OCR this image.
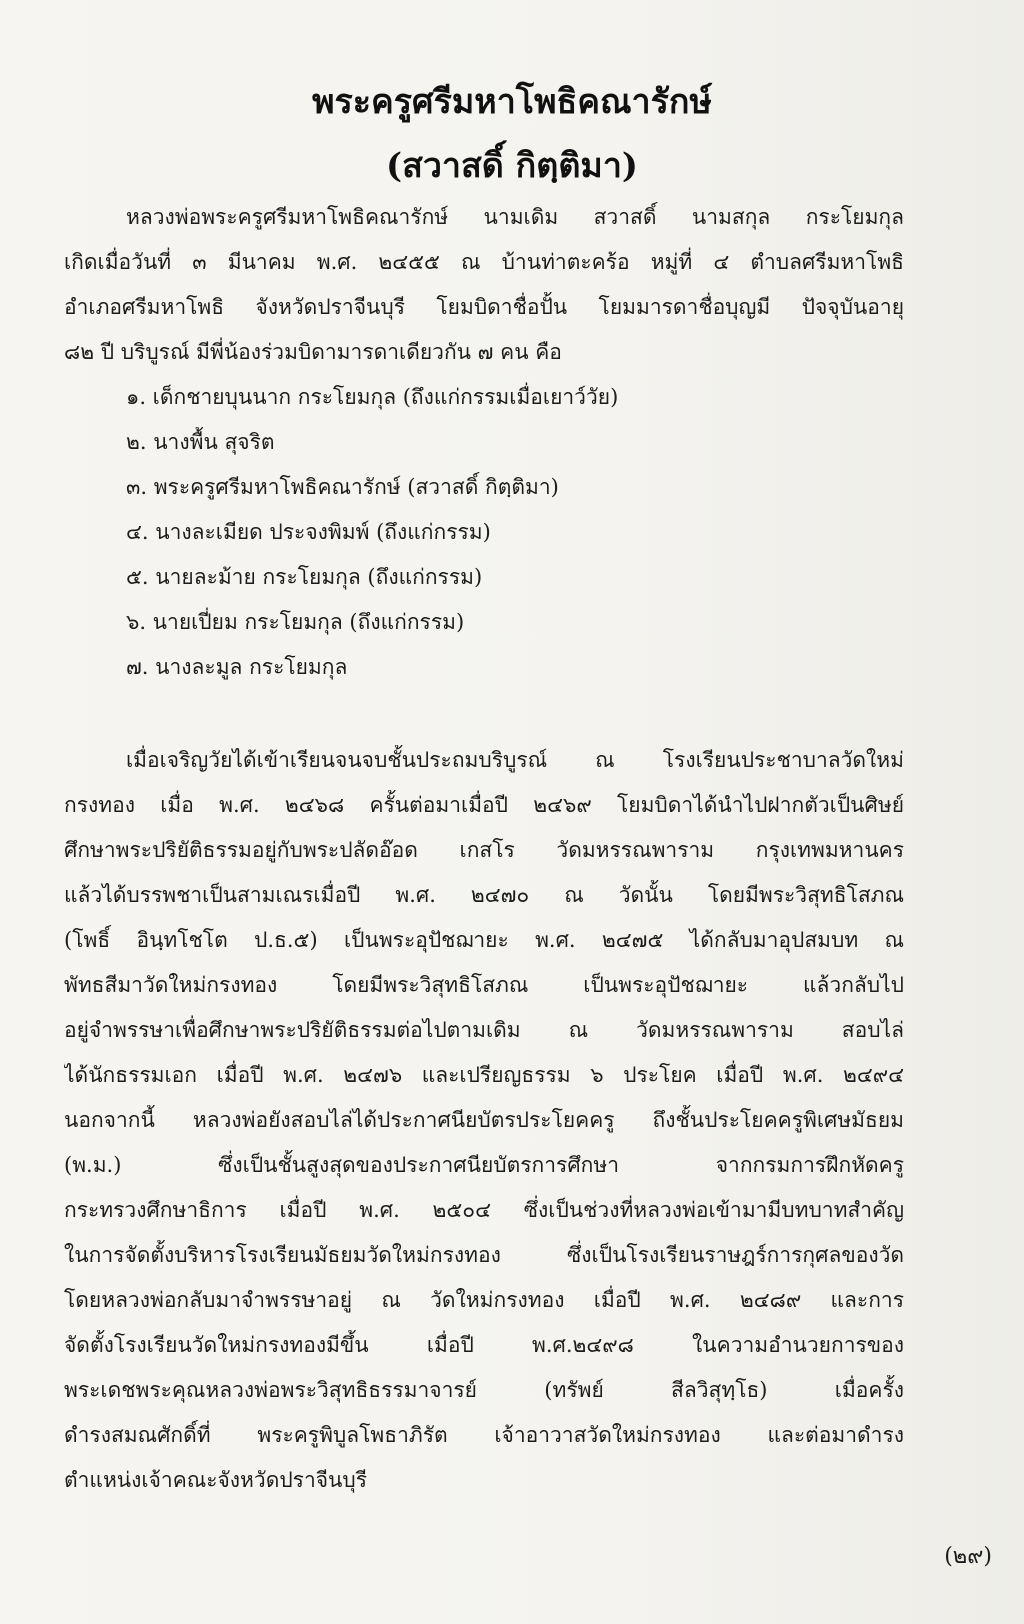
พระครูศรีมหาโพธิคณารักษ์
(สวาสดิ์ กิตฺติมา)
หลวงพ่อพระครูศรีมหาโพธิคณารักษ์ นามเดิม สวาสดิ์ นามสกุล กระโยมกุล
เกิดเมื่อวันที่ ๓ มีนาคม พ.ศ. ๒๔๕๕ ณ บ้านท่าตะคร้อ หมู่ที่ ๔ ตำบลศรีมหาโพธิ
อำเภอศรีมหาโพธิ จังหวัดปราจีนบุรี โยมบิดาชื่อปั้น โยมมารดาชื่อบุญมี ปัจจุบันอายุ
๘๒ ปี บริบูรณ์ มีพี่น้องร่วมบิดามารดาเดียวกัน ๗ คน คือ
๑. เด็กชายบุนนาก กระโยมกุล (ถึงแก่กรรมเมื่อเยาว์วัย)
๒. นางพื้น สุจริต
๓. พระครูศรีมหาโพธิคณารักษ์ (สวาสดิ์ กิตฺติมา)
๔. นางละเมียด ประจงพิมพ์ (ถึงแก่กรรม)
๕. นายละม้าย กระโยมกุล (ถึงแก่กรรม)
๖. นายเปี่ยม กระโยมกุล (ถึงแก่กรรม)
๗. นางละมูล กระโยมกุล
เมื่อเจริญวัยได้เข้าเรียนจนจบชั้นประถมบริบูรณ์ ณ โรงเรียนประชาบาลวัดใหม่
กรงทอง เมื่อ พ.ศ. ๒๔๖๘ ครั้นต่อมาเมื่อปี ๒๔๖๙ โยมบิดาได้นำไปฝากตัวเป็นศิษย์
ศึกษาพระปริยัติธรรมอยู่กับพระปลัดอ๊อด เกสโร วัดมหรรณพาราม กรุงเทพมหานคร
แล้วได้บรรพชาเป็นสามเณรเมื่อปี พ.ศ. ๒๔๗๐ ณ วัดนั้น โดยมีพระวิสุทธิโสภณ
(โพธิ์ อินฺทโชโต ป.ธ.๕) เป็นพระอุปัชฌายะ พ.ศ. ๒๔๗๕ ได้กลับมาอุปสมบท ณ
พัทธสีมาวัดใหม่กรงทอง โดยมีพระวิสุทธิโสภณ เป็นพระอุปัชฌายะ แล้วกลับไป
อยู่จำพรรษาเพื่อศึกษาพระปริยัติธรรมต่อไปตามเดิม ณ วัดมหรรณพาราม สอบไล่
ได้นักธรรมเอก เมื่อปี พ.ศ. ๒๔๗๖ และเปรียญธรรม ๖ ประโยค เมื่อปี พ.ศ. ๒๔๙๔
นอกจากนี้ หลวงพ่อยังสอบไล่ได้ประกาศนียบัตรประโยคครู ถึงชั้นประโยคครูพิเศษมัธยม
(พ.ม.) ซึ่งเป็นชั้นสูงสุดของประกาศนียบัตรการศึกษา จากกรมการฝึกหัดครู
กระทรวงศึกษาธิการ เมื่อปี พ.ศ. ๒๕๐๔ ซึ่งเป็นช่วงที่หลวงพ่อเข้ามามีบทบาทสำคัญ
ในการจัดตั้งบริหารโรงเรียนมัธยมวัดใหม่กรงทอง ซึ่งเป็นโรงเรียนราษฎร์การกุศลของวัด
โดยหลวงพ่อกลับมาจำพรรษาอยู่ ณ วัดใหม่กรงทอง เมื่อปี พ.ศ. ๒๔๘๙ และการ
จัดตั้งโรงเรียนวัดใหม่กรงทองมีขึ้น เมื่อปี พ.ศ.๒๔๙๘ ในความอำนวยการของ
พระเดชพระคุณหลวงพ่อพระวิสุทธิธรรมาจารย์ (ทรัพย์ สีลวิสุทฺโธ) เมื่อครั้ง
ดำรงสมณศักดิ์ที่ พระครูพิบูลโพธาภิรัต เจ้าอาวาสวัดใหม่กรงทอง และต่อมาดำรง
ตำแหน่งเจ้าคณะจังหวัดปราจีนบุรี
(๒๙)
